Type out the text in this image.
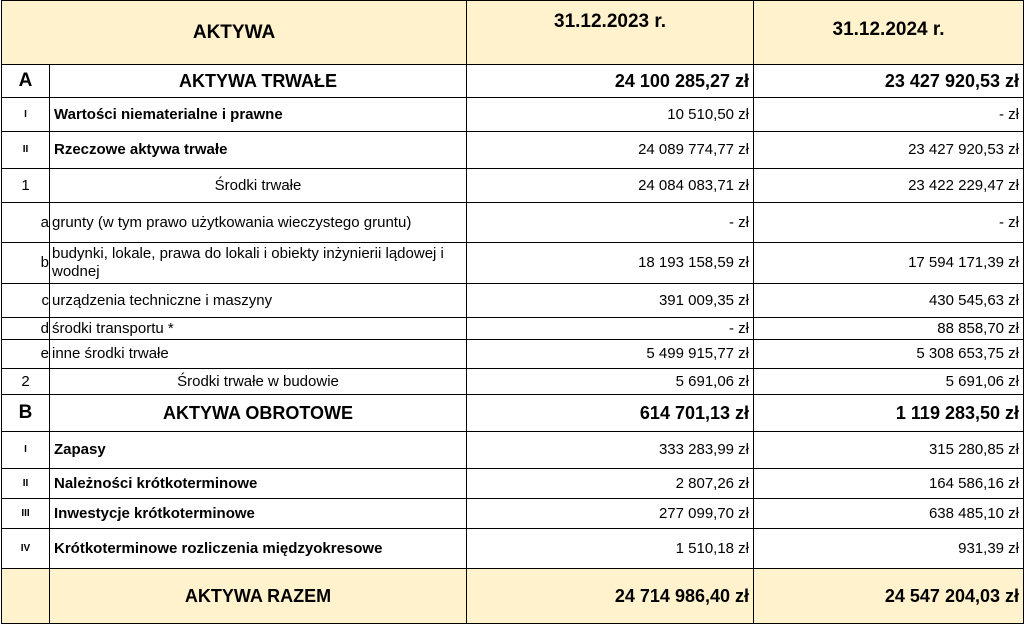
AKTYWA		31.12.2023 r.	31.12.2024 r.
A	AKTYWA TRWAŁE	24 100 285,27 zł	23 427 920,53 zł
I	Wartości niematerialne i prawne	10 510,50 zł	- zł
II	Rzeczowe aktywa trwałe	24 089 774,77 zł	23 427 920,53 zł
1	Środki trwałe	24 084 083,71 zł	23 422 229,47 zł
a	grunty (w tym prawo użytkowania wieczystego gruntu)	- zł	- zł
b	budynki, lokale, prawa do lokali i obiekty inżynierii lądowej i wodnej	18 193 158,59 zł	17 594 171,39 zł
c	urządzenia techniczne i maszyny	391 009,35 zł	430 545,63 zł
d	środki transportu *	- zł	88 858,70 zł
e	inne środki trwałe	5 499 915,77 zł	5 308 653,75 zł
2	Środki trwałe w budowie	5 691,06 zł	5 691,06 zł
B	AKTYWA OBROTOWE	614 701,13 zł	1 119 283,50 zł
I	Zapasy	333 283,99 zł	315 280,85 zł
II	Należności krótkoterminowe	2 807,26 zł	164 586,16 zł
III	Inwestycje krótkoterminowe	277 099,70 zł	638 485,10 zł
IV	Krótkoterminowe rozliczenia międzyokresowe	1 510,18 zł	931,39 zł
	AKTYWA RAZEM	24 714 986,40 zł	24 547 204,03 zł
